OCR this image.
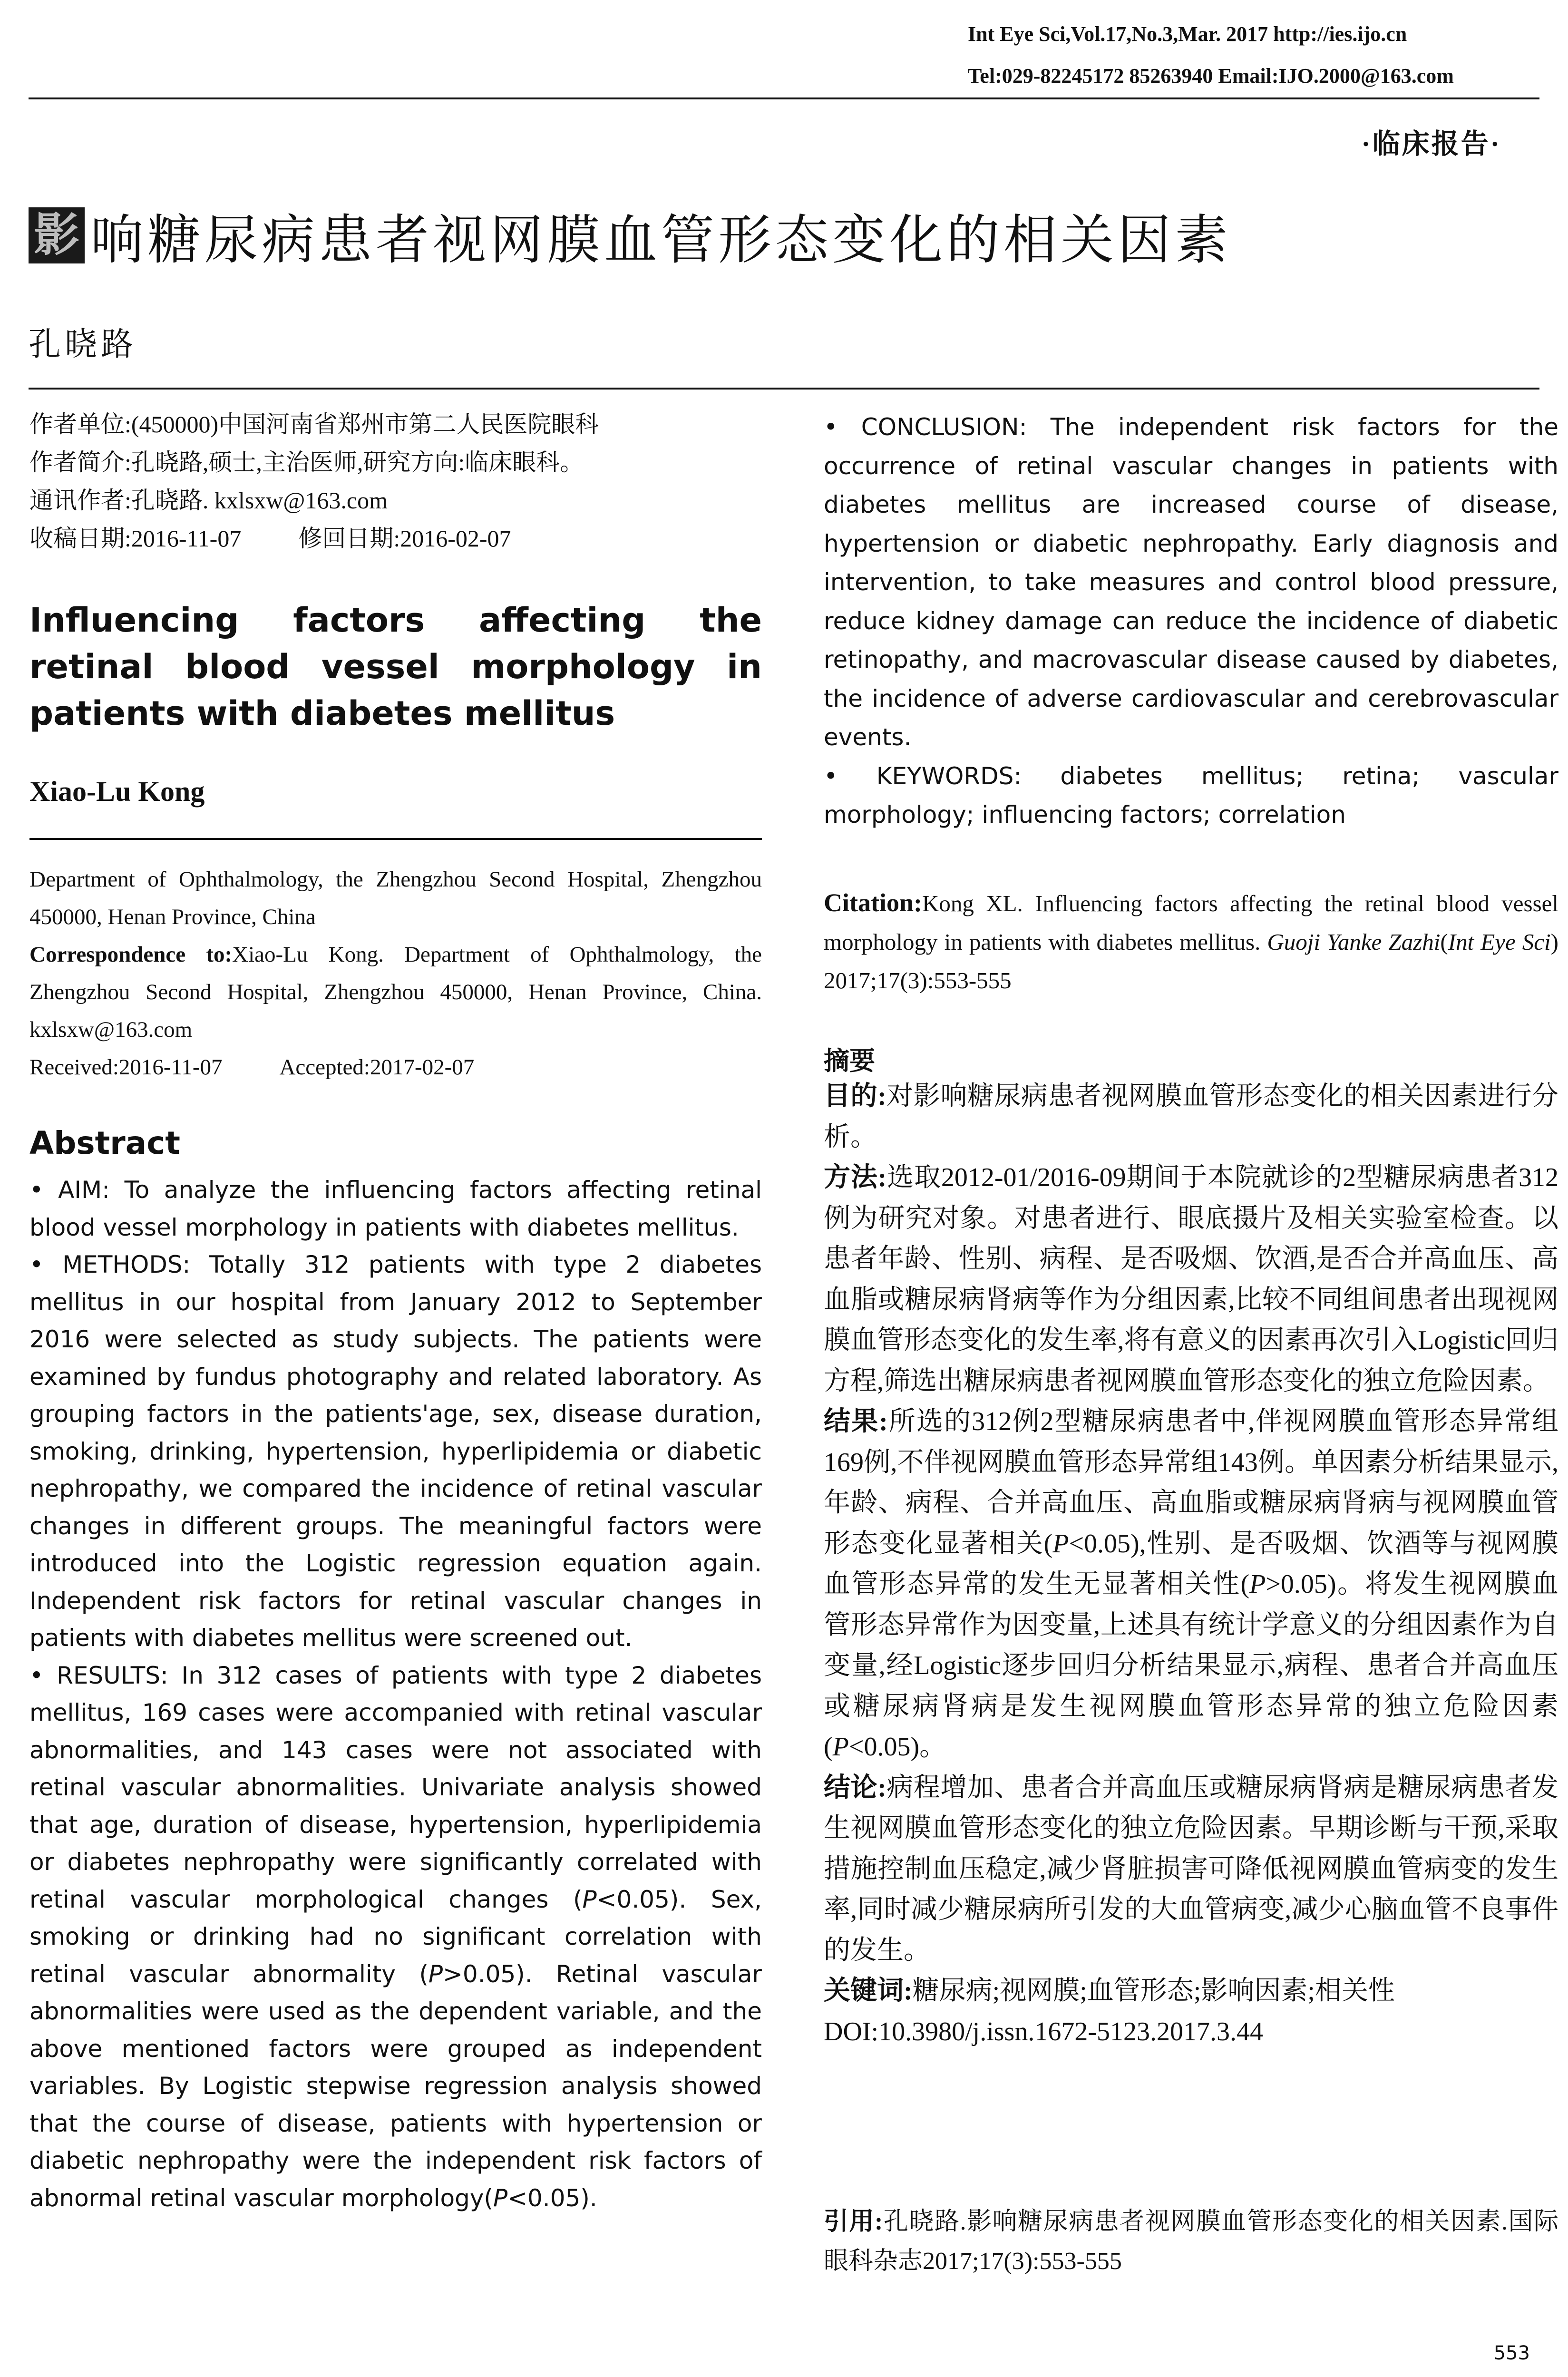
Int Eye Sci,Vol.17,No.3,Mar. 2017 http://ies.ijo.cn
Tel:029-82245172 85263940 Email:IJO.2000@163.com
·临床报告·
影 响糖尿病患者视网膜血管形态变化的相关因素
孔晓路
作者单位:(450000)中国河南省郑州市第二人民医院眼科
作者简介:孔晓路,硕士,主治医师,研究方向:临床眼科。
通讯作者:孔晓路. kxlsxw@163.com
收稿日期:2016-11-07 修回日期:2016-02-07
Influencing factors affecting the retinal blood vessel morphology in patients with diabetes mellitus
Xiao-Lu Kong
Department of Ophthalmology, the Zhengzhou Second Hospital, Zhengzhou 450000, Henan Province, China
Correspondence to:Xiao-Lu Kong. Department of Ophthalmology, the Zhengzhou Second Hospital, Zhengzhou 450000, Henan Province, China. kxlsxw@163.com
Received:2016-11-07	Accepted:2017-02-07
Abstract

• AIM: To analyze the influencing factors affecting retinal blood vessel morphology in patients with diabetes mellitus.

• METHODS: Totally 312 patients with type 2 diabetes mellitus in our hospital from January 2012 to September 2016 were selected as study subjects. The patients were examined by fundus photography and related laboratory. As grouping factors in the patients'age, sex, disease duration, smoking, drinking, hypertension, hyperlipidemia or diabetic nephropathy, we compared the incidence of retinal vascular changes in different groups. The meaningful factors were introduced into the Logistic regression equation again. Independent risk factors for retinal vascular changes in patients with diabetes mellitus were screened out.

• RESULTS: In 312 cases of patients with type 2 diabetes mellitus, 169 cases were accompanied with retinal vascular abnormalities, and 143 cases were not associated with retinal vascular abnormalities. Univariate analysis showed that age, duration of disease, hypertension, hyperlipidemia or diabetes nephropathy were significantly correlated with retinal vascular morphological changes (P<0.05). Sex, smoking or drinking had no significant correlation with retinal vascular abnormality (P>0.05). Retinal vascular abnormalities were used as the dependent variable, and the above mentioned factors were grouped as independent variables. By Logistic stepwise regression analysis showed that the course of disease, patients with hypertension or diabetic nephropathy were the independent risk factors of abnormal retinal vascular morphology(P<0.05).

• CONCLUSION: The independent risk factors for the occurrence of retinal vascular changes in patients with diabetes mellitus are increased course of disease, hypertension or diabetic nephropathy. Early diagnosis and intervention, to take measures and control blood pressure, reduce kidney damage can reduce the incidence of diabetic retinopathy, and macrovascular disease caused by diabetes, the incidence of adverse cardiovascular and cerebrovascular events.
• KEYWORDS: diabetes mellitus; retina; vascular morphology; influencing factors; correlation
Citation:Kong XL. Influencing factors affecting the retinal blood vessel morphology in patients with diabetes mellitus. Guoji Yanke Zazhi(Int Eye Sci) 2017;17(3):553-555
摘要

目的:对影响糖尿病患者视网膜血管形态变化的相关因素进行分析。

方法:选取2012-01/2016-09期间于本院就诊的2型糖尿病患者312例为研究对象。对患者进行、眼底摄片及相关实验室检查。以患者年龄、性别、病程、是否吸烟、饮酒,是否合并高血压、高血脂或糖尿病肾病等作为分组因素,比较不同组间患者出现视网膜血管形态变化的发生率,将有意义的因素再次引入Logistic回归方程,筛选出糖尿病患者视网膜血管形态变化的独立危险因素。

结果:所选的312例2型糖尿病患者中,伴视网膜血管形态异常组169例,不伴视网膜血管形态异常组143例。单因素分析结果显示,年龄、病程、合并高血压、高血脂或糖尿病肾病与视网膜血管形态变化显著相关(P<0.05),性别、是否吸烟、饮酒等与视网膜血管形态异常的发生无显著相关性(P>0.05)。将发生视网膜血管形态异常作为因变量,上述具有统计学意义的分组因素作为自变量,经Logistic逐步回归分析结果显示,病程、患者合并高血压或糖尿病肾病是发生视网膜血管形态异常的独立危险因素(P<0.05)。

结论:病程增加、患者合并高血压或糖尿病肾病是糖尿病患者发生视网膜血管形态变化的独立危险因素。早期诊断与干预,采取措施控制血压稳定,减少肾脏损害可降低视网膜血管病变的发生率,同时减少糖尿病所引发的大血管病变,减少心脑血管不良事件的发生。

关键词:糖尿病;视网膜;血管形态;影响因素;相关性

DOI:10.3980/j.issn.1672-5123.2017.3.44

引用:孔晓路.影响糖尿病患者视网膜血管形态变化的相关因素.国际眼科杂志2017;17(3):553-555
553
